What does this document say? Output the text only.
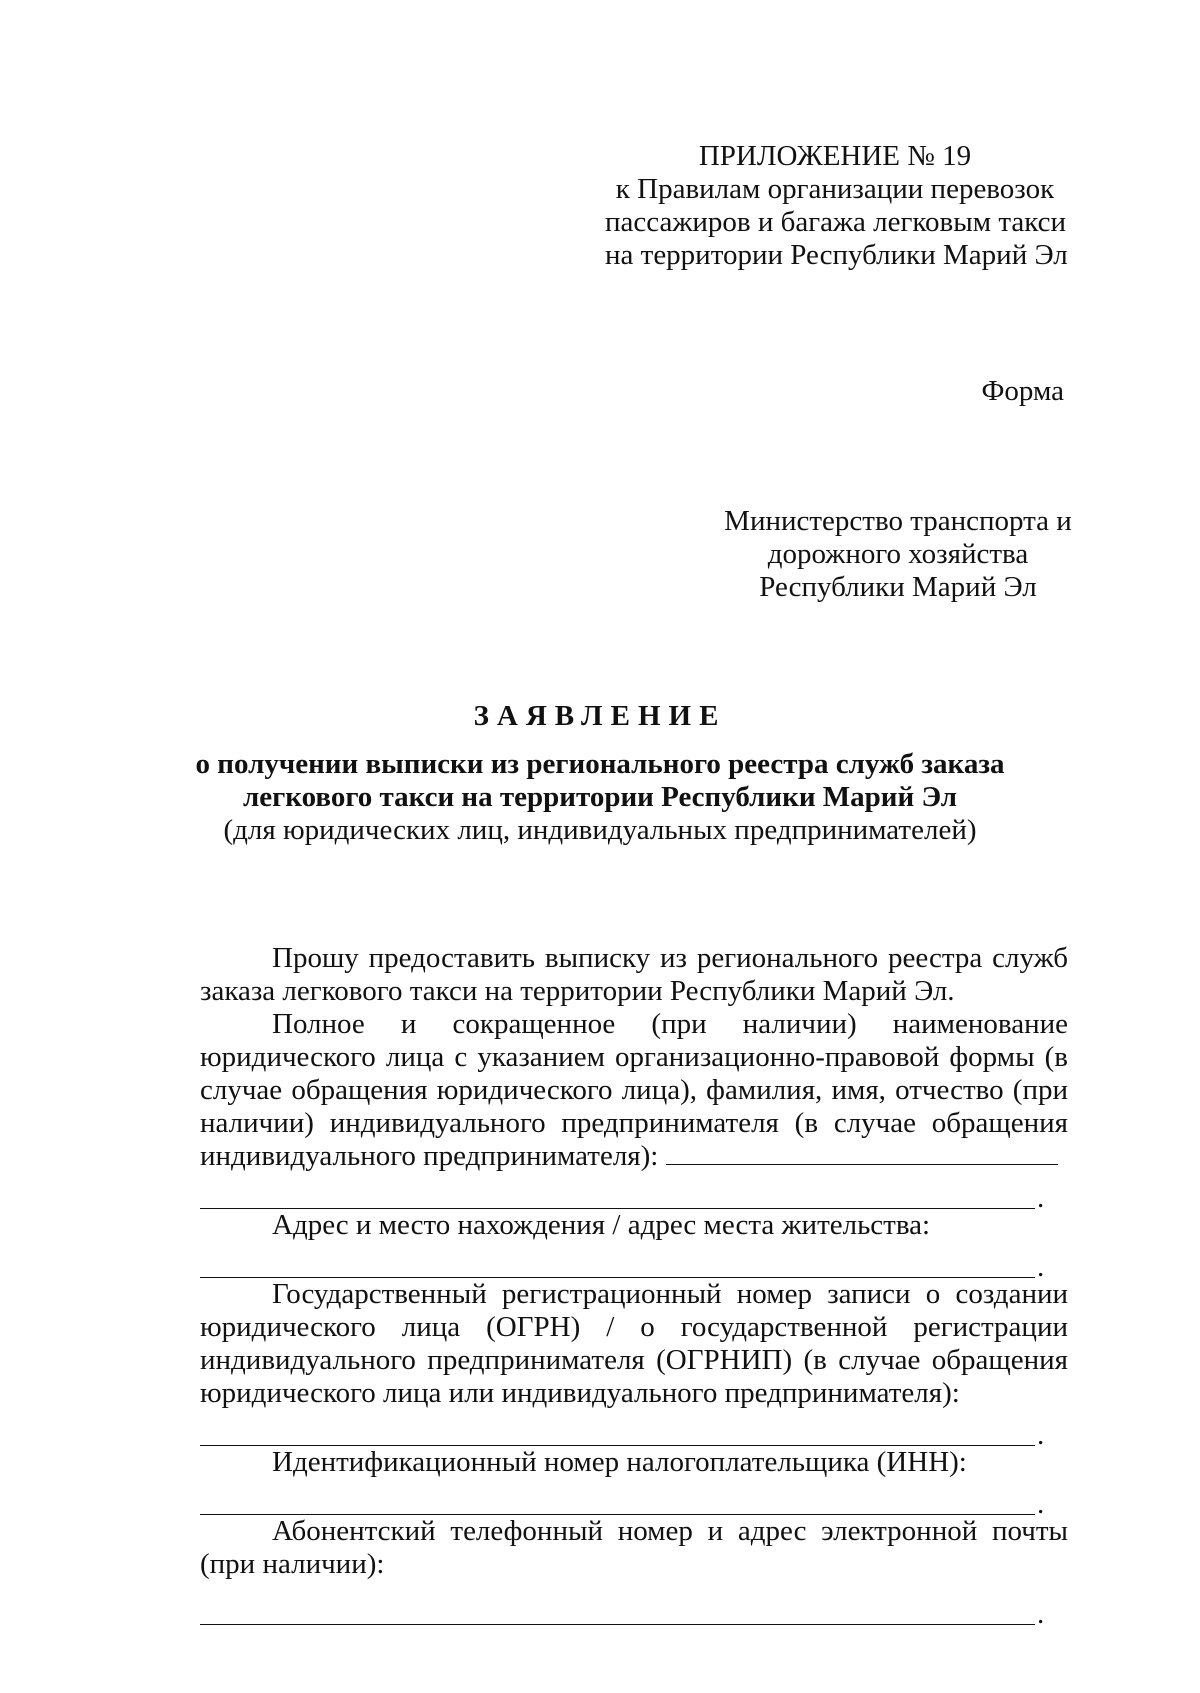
ПРИЛОЖЕНИЕ № 19
к Правилам организации перевозок
пассажиров и багажа легковым такси
на территории Республики Марий Эл
Форма
Министерство транспорта и
дорожного хозяйства
Республики Марий Эл
ЗАЯВЛЕНИЕ
о получении выписки из регионального реестра служб заказа
легкового такси на территории Республики Марий Эл
(для юридических лиц, индивидуальных предпринимателей)

Прошу предоставить выписку из регионального реестра служб заказа легкового такси на территории Республики Марий Эл.

Полное и сокращенное (при наличии) наименование юридического лица с указанием организационно-правовой формы (в случае обращения юридического лица), фамилия, имя, отчество (при наличии) индивидуального предпринимателя (в случае обращения индивидуального предпринимателя):

.

Адрес и место нахождения / адрес места жительства:

.

Государственный регистрационный номер записи о создании юридического лица (ОГРН) / о государственной регистрации индивидуального предпринимателя (ОГРНИП) (в случае обращения юридического лица или индивидуального предпринимателя):

.

Идентификационный номер налогоплательщика (ИНН):

.

Абонентский телефонный номер и адрес электронной почты (при наличии):

.
